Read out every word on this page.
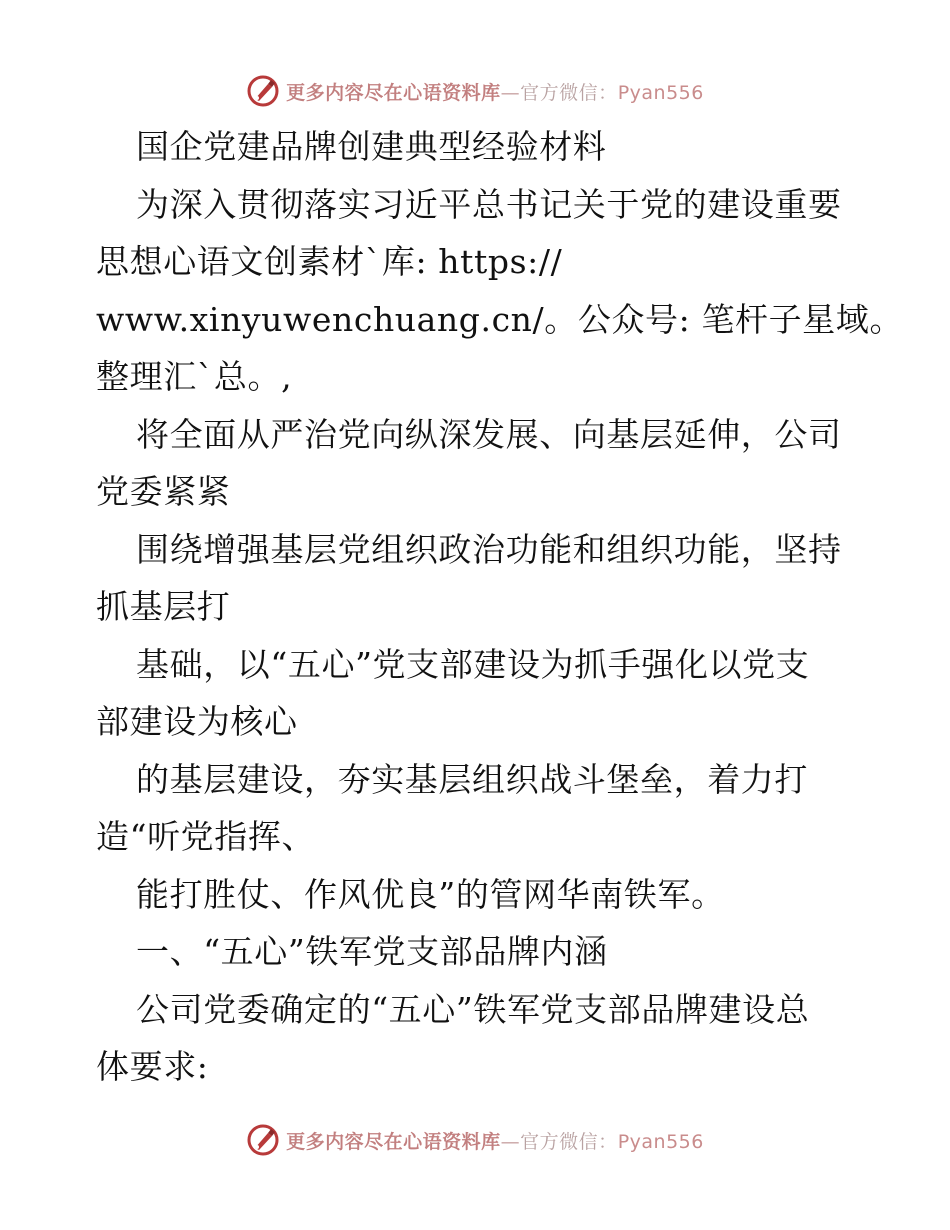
更多内容尽在心语资料库—官方微信：Pyan556
国企党建品牌创建典型经验材料
为深入贯彻落实习近平总书记关于党的建设重要
思想心语文创素材`库: https://
www.xinyuwenchuang.cn/。公众号: 笔杆子星域。
整理汇`总。,
将全面从严治党向纵深发展、向基层延伸，公司
党委紧紧
围绕增强基层党组织政治功能和组织功能，坚持
抓基层打
基础，以“五心”党支部建设为抓手强化以党支
部建设为核心
的基层建设，夯实基层组织战斗堡垒，着力打
造“听党指挥、
能打胜仗、作风优良”的管网华南铁军。
一、“五心”铁军党支部品牌内涵
公司党委确定的“五心”铁军党支部品牌建设总
体要求:
更多内容尽在心语资料库—官方微信：Pyan556
